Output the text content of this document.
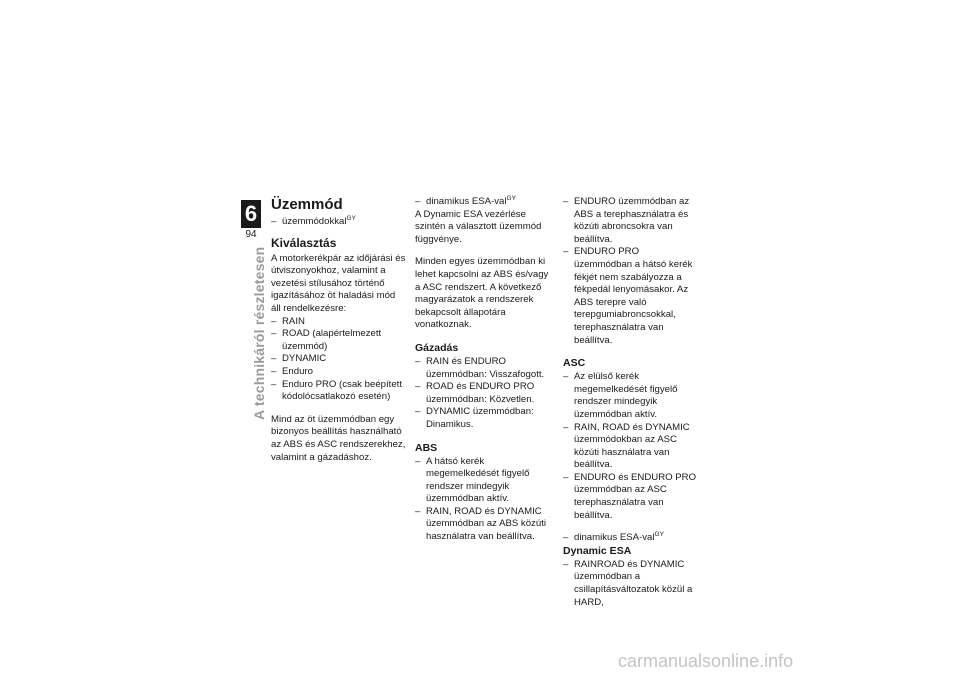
6
94
A technikáról részletesen
Üzemmód

– üzemmódokkal$^{GY}$

Kiválasztás

A motorkerékpár az időjárási és útviszonyokhoz, valamint a vezetési stílusához történő igazításához öt haladási mód áll rendelkezésre:

– RAIN

– ROAD (alapértelmezett üzemmód)

– DYNAMIC

– Enduro

– Enduro PRO (csak beépített kódolócsatlakozó esetén)

Mind az öt üzemmódban egy bizonyos beállítás használható az ABS és ASC rendszerekhez, valamint a gázadáshoz.

– dinamikus ESA-val$^{GY}$

A Dynamic ESA vezérlése szintén a választott üzemmód függvénye.

Minden egyes üzemmódban ki lehet kapcsolni az ABS és/vagy a ASC rendszert. A következő magyarázatok a rendszerek bekapcsolt állapotára vonatkoznak.

Gázadás

– RAIN és ENDURO üzemmódban: Visszafogott.

– ROAD és ENDURO PRO üzemmódban: Közvetlen.

– DYNAMIC üzemmódban: Dinamikus.

ABS

– A hátsó kerék megemelkedését figyelő rendszer mindegyik üzemmódban aktív.

– RAIN, ROAD és DYNAMIC üzemmódban az ABS közúti használatra van beállítva.

– ENDURO üzemmódban az ABS a terephasználatra és közúti abroncsokra van beállítva.

– ENDURO PRO üzemmódban a hátsó kerék fékjét nem szabályozza a fékpedál lenyomásakor. Az ABS terepre való terepgumiabroncsokkal, terephasználatra van beállítva.

ASC

– Az elülső kerék megemelkedését figyelő rendszer mindegyik üzemmódban aktív.

– RAIN, ROAD és DYNAMIC üzemmódokban az ASC közúti használatra van beállítva.

– ENDURO és ENDURO PRO üzemmódban az ASC terephasználatra van beállítva.

– dinamikus ESA-val$^{GY}$

Dynamic ESA

– RAINROAD és DYNAMIC üzemmódban a csillapításváltozatok közül a HARD,

carmanualsonline.info
